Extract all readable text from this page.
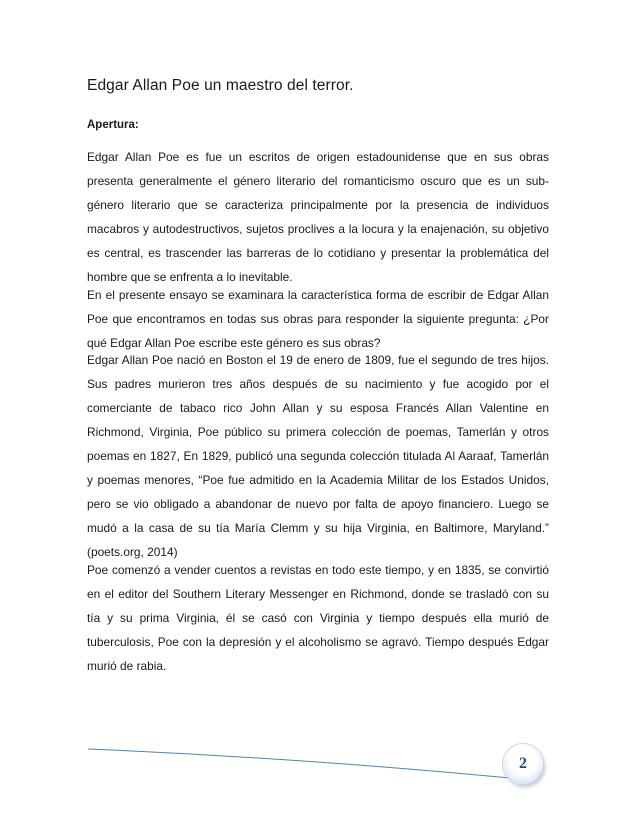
Edgar Allan Poe un maestro del terror.

Apertura:

Edgar Allan Poe es fue un escritos de origen estadounidense que en sus obras presenta generalmente el género literario del romanticismo oscuro que es un sub-género literario que se caracteriza principalmente por la presencia de individuos macabros y autodestructivos, sujetos proclives a la locura y la enajenación, su objetivo es central, es trascender las barreras de lo cotidiano y presentar la problemática del hombre que se enfrenta a lo inevitable.

En el presente ensayo se examinara la característica forma de escribir de Edgar Allan Poe que encontramos en todas sus obras para responder la siguiente pregunta: ¿Por qué Edgar Allan Poe escribe este género es sus obras?

Edgar Allan Poe nació en Boston el 19 de enero de 1809, fue el segundo de tres hijos. Sus padres murieron tres años después de su nacimiento y fue acogido por el comerciante de tabaco rico John Allan y su esposa Francés Allan Valentine en Richmond, Virginia, Poe público su primera colección de poemas, Tamerlán y otros poemas en 1827, En 1829, publicó una segunda colección titulada Al Aaraaf, Tamerlán y poemas menores, “Poe fue admitido en la Academia Militar de los Estados Unidos, pero se vio obligado a abandonar de nuevo por falta de apoyo financiero. Luego se mudó a la casa de su tía María Clemm y su hija Virginia, en Baltimore, Maryland.” (poets.org, 2014)

Poe comenzó a vender cuentos a revistas en todo este tiempo, y en 1835, se convirtió en el editor del Southern Literary Messenger en Richmond, donde se trasladó con su tía y su prima Virginia, él se casó con Virginia y tiempo después ella murió de tuberculosis, Poe con la depresión y el alcoholismo se agravó. Tiempo después Edgar murió de rabia.

2
